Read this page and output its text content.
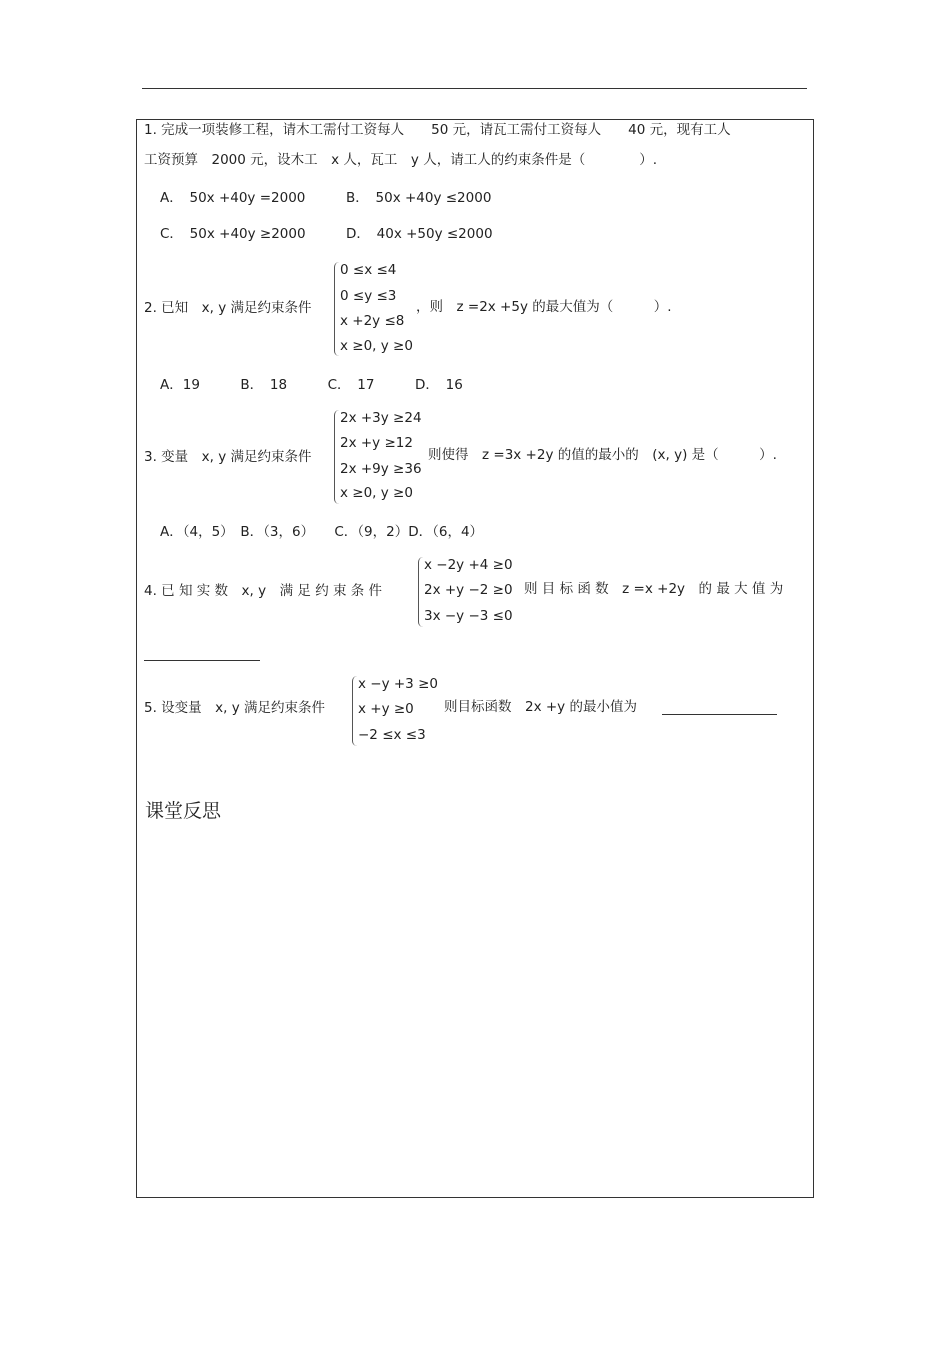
1. 完成一项装修工程，请木工需付工资每人　　50 元，请瓦工需付工资每人　　40 元，现有工人
工资预算　2000 元，设木工　x 人，瓦工　y 人，请工人的约束条件是（　　　　）.
A．　50x +40y =2000	B．　50x +40y ≤2000
C．　50x +40y ≥2000	D．　40x +50y ≤2000
2. 已知　x, y 满足约束条件
0 ≤x ≤4
0 ≤y ≤3
x +2y ≤8
x ≥0, y ≥0
，则　z =2x +5y 的最大值为（　　　）.
A．19　　　B．　18　　　C．　17　　　D．　16
3. 变量　x, y 满足约束条件
2x +3y ≥24
2x +y ≥12
2x +9y ≥36
x ≥0, y ≥0
则使得　z =3x +2y 的值的最小的　(x, y) 是（　　　）.
A．（4，5）　B．（3，6）　　C．（9，2）D．（6，4）
4. 已 知 实 数　x, y　满 足 约 束 条 件
x −2y +4 ≥0
2x +y −2 ≥0
3x −y −3 ≤0
则 目 标 函 数　z =x +2y　的 最 大 值 为
5. 设变量　x, y 满足约束条件
x −y +3 ≥0
x +y ≥0
−2 ≤x ≤3
则目标函数　2x +y 的最小值为
课堂反思
